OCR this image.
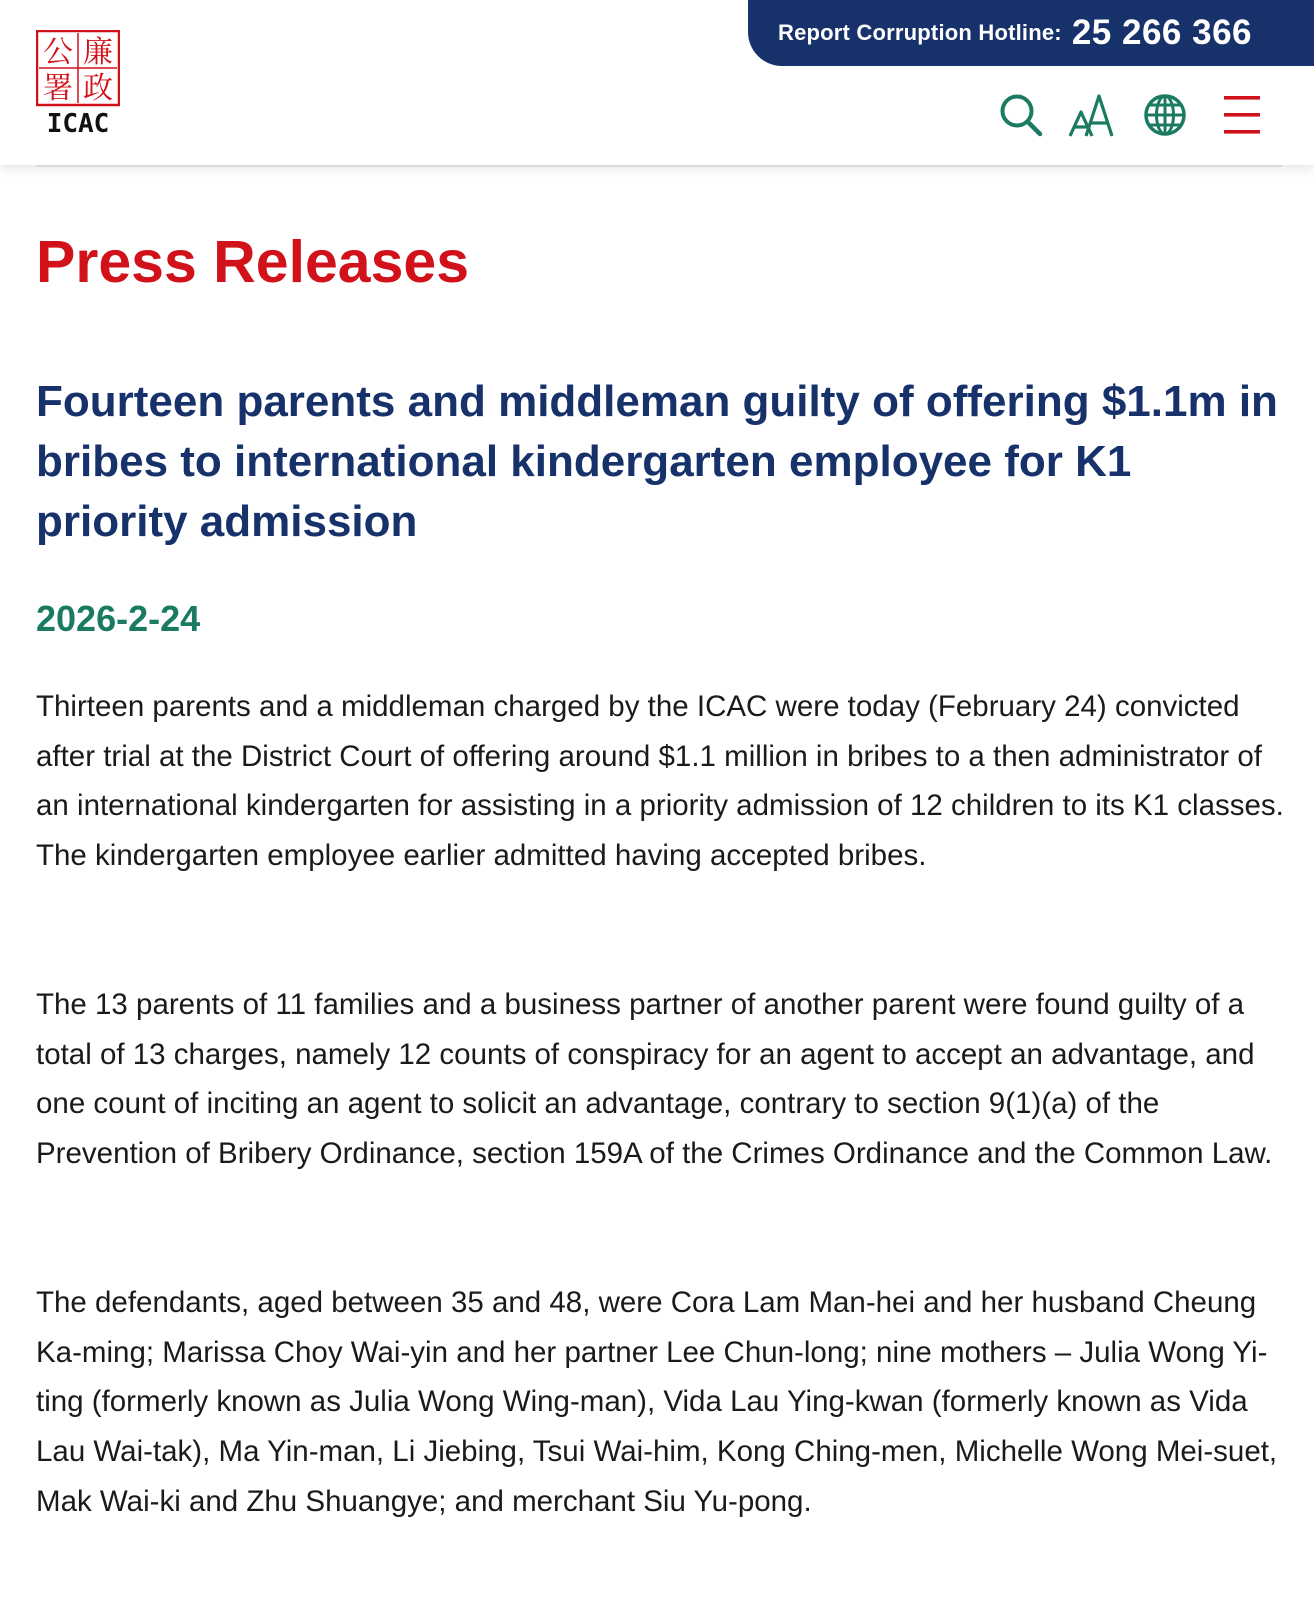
廉
政
公
署
ICAC
Report Corruption Hotline: 25 266 366
Press Releases
Fourteen parents and middleman guilty of offering $1.1m in bribes to international kindergarten employee for K1 priority admission
2026-2-24

Thirteen parents and a middleman charged by the ICAC were today (February 24) convicted after trial at the District Court of offering around $1.1 million in bribes to a then administrator of an international kindergarten for assisting in a priority admission of 12 children to its K1 classes. The kindergarten employee earlier admitted having accepted bribes.

The 13 parents of 11 families and a business partner of another parent were found guilty of a total of 13 charges, namely 12 counts of conspiracy for an agent to accept an advantage, and one count of inciting an agent to solicit an advantage, contrary to section 9(1)(a) of the Prevention of Bribery Ordinance, section 159A of the Crimes Ordinance and the Common Law.

The defendants, aged between 35 and 48, were Cora Lam Man-hei and her husband Cheung Ka-ming; Marissa Choy Wai-yin and her partner Lee Chun-long; nine mothers – Julia Wong Yi-ting (formerly known as Julia Wong Wing-man), Vida Lau Ying-kwan (formerly known as Vida Lau Wai-tak), Ma Yin-man, Li Jiebing, Tsui Wai-him, Kong Ching-men, Michelle Wong Mei-suet, Mak Wai-ki and Zhu Shuangye; and merchant Siu Yu-pong.
